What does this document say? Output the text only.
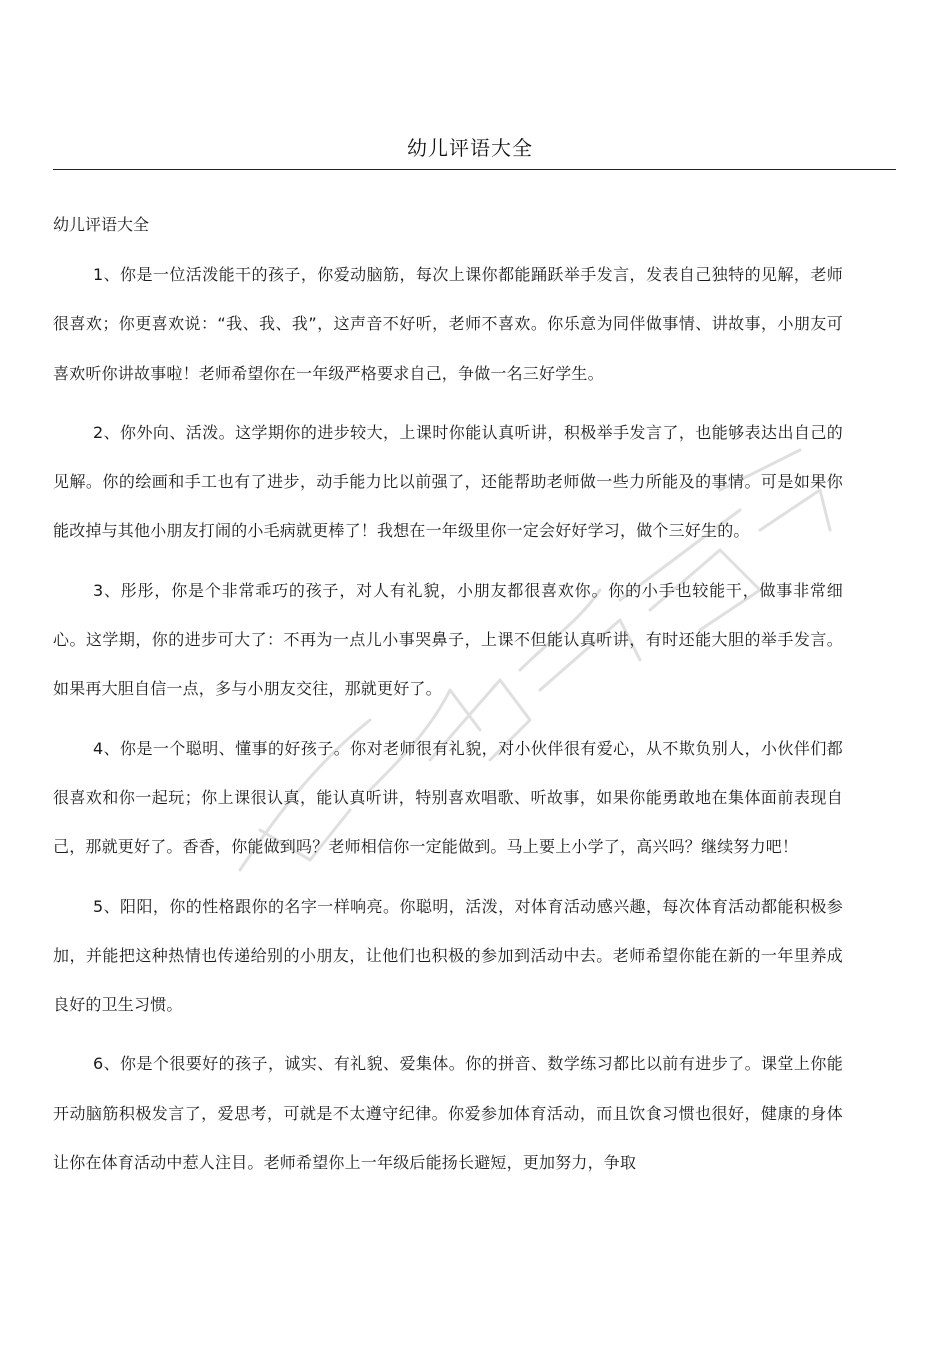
幼儿评语大全
幼儿评语大全

1、你是一位活泼能干的孩子，你爱动脑筋，每次上课你都能踊跃举手发言，发表自己独特的见解，老师很喜欢；你更喜欢说：“我、我、我”，这声音不好听，老师不喜欢。你乐意为同伴做事情、讲故事，小朋友可喜欢听你讲故事啦！老师希望你在一年级严格要求自己，争做一名三好学生。

2、你外向、活泼。这学期你的进步较大，上课时你能认真听讲，积极举手发言了，也能够表达出自己的见解。你的绘画和手工也有了进步，动手能力比以前强了，还能帮助老师做一些力所能及的事情。可是如果你能改掉与其他小朋友打闹的小毛病就更棒了！我想在一年级里你一定会好好学习，做个三好生的。

3、彤彤，你是个非常乖巧的孩子，对人有礼貌，小朋友都很喜欢你。你的小手也较能干，做事非常细心。这学期，你的进步可大了：不再为一点儿小事哭鼻子，上课不但能认真听讲，有时还能大胆的举手发言。如果再大胆自信一点，多与小朋友交往，那就更好了。

4、你是一个聪明、懂事的好孩子。你对老师很有礼貌，对小伙伴很有爱心，从不欺负别人，小伙伴们都很喜欢和你一起玩；你上课很认真，能认真听讲，特别喜欢唱歌、听故事，如果你能勇敢地在集体面前表现自己，那就更好了。香香，你能做到吗？老师相信你一定能做到。马上要上小学了，高兴吗？继续努力吧！

5、阳阳，你的性格跟你的名字一样响亮。你聪明，活泼，对体育活动感兴趣，每次体育活动都能积极参加，并能把这种热情也传递给别的小朋友，让他们也积极的参加到活动中去。老师希望你能在新的一年里养成良好的卫生习惯。

6、你是个很要好的孩子，诚实、有礼貌、爱集体。你的拼音、数学练习都比以前有进步了。课堂上你能开动脑筋积极发言了，爱思考，可就是不太遵守纪律。你爱参加体育活动，而且饮食习惯也很好，健康的身体让你在体育活动中惹人注目。老师希望你上一年级后能扬长避短，更加努力，争取
